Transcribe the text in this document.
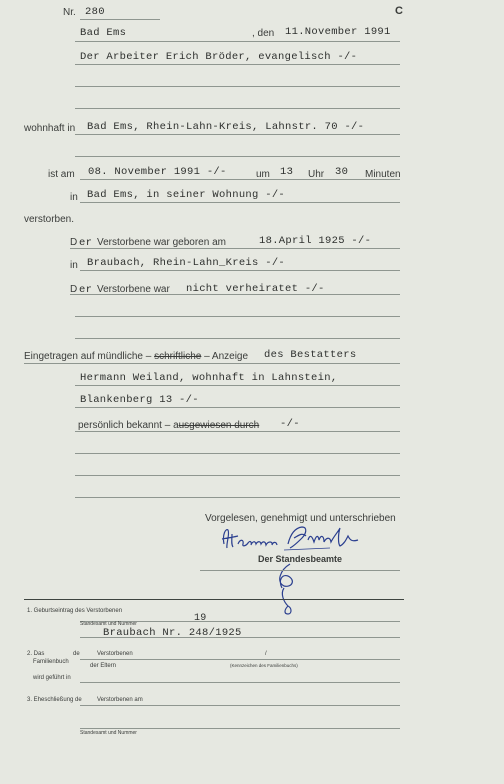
Nr. 280	C
Bad Ems	, den 11.November 1991
Der Arbeiter Erich Bröder, evangelisch -/-
wohnhaft in Bad Ems, Rhein-Lahn-Kreis, Lahnstr. 70 -/-
ist am 08. November 1991 -/-	um 13 Uhr 30 Minuten
in Bad Ems, in seiner Wohnung -/-
verstorben.
D er Verstorbene war geboren am	18.April 1925 -/-
in Braubach, Rhein-Lahn_Kreis -/-
D er Verstorbene war nicht verheiratet -/-
Eingetragen auf mündliche – schriftliche – Anzeige des Bestatters
Hermann Weiland, wohnhaft in Lahnstein,
Blankenberg 13 -/-
persönlich bekannt – ausgewiesen durch -/-
Vorgelesen, genehmigt und unterschrieben
Der Standesbeamte
1. Geburtseintrag des Verstorbenen
19
Standesamt und Nummer
Braubach Nr. 248/1925
2. Das	de	Verstorbenen	/
Familienbuch
der Eltern	(Kennzeichen des Familienbuchs)
wird geführt in
3. Eheschließung de	Verstorbenen am
Standesamt und Nummer
